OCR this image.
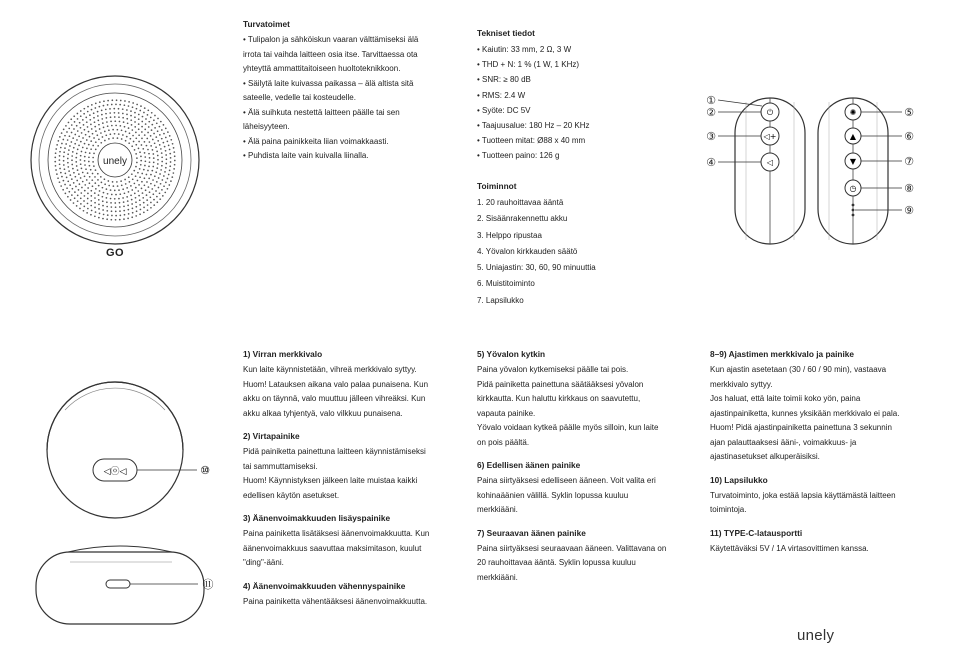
unely
GO
Turvatoimet

• Tulipalon ja sähköiskun vaaran välttämiseksi älä

irrota tai vaihda laitteen osia itse. Tarvittaessa ota

yhteyttä ammattitaitoiseen huoltoteknikkoon.

• Säilytä laite kuivassa paikassa – älä altista sitä

sateelle, vedelle tai kosteudelle.

• Älä suihkuta nestettä laitteen päälle tai sen

läheisyyteen.

• Älä paina painikkeita liian voimakkaasti.

• Puhdista laite vain kuivalla liinalla.

Tekniset tiedot
• Kaiutin: 33 mm, 2 Ω, 3 W
• THD + N: 1 % (1 W, 1 KHz)
• SNR: ≥ 80 dB
• RMS: 2.4 W
• Syöte: DC 5V
• Taajuusalue: 180 Hz – 20 KHz
• Tuotteen mitat: Ø88 x 40 mm
• Tuotteen paino: 126 g
Toiminnot
1. 20 rauhoittavaa ääntä
2. Sisäänrakennettu akku
3. Helppo ripustaa
4. Yövalon kirkkauden säätö
5. Uniajastin: 30, 60, 90 minuuttia
6. Muistitoiminto
7. Lapsilukko
⏻
◁+
◁
✺
▲
▼
◷
①
②
③
④
⑤
⑥
⑦
⑧
⑨
◁ⓞ◁	⑩
⑪
1) Virran merkkivalo

Kun laite käynnistetään, vihreä merkkivalo syttyy.

Huom! Latauksen aikana valo palaa punaisena. Kun

akku on täynnä, valo muuttuu jälleen vihreäksi. Kun

akku alkaa tyhjentyä, valo vilkkuu punaisena.

2) Virtapainike

Pidä painiketta painettuna laitteen käynnistämiseksi

tai sammuttamiseksi.

Huom! Käynnistyksen jälkeen laite muistaa kaikki

edellisen käytön asetukset.

3) Äänenvoimakkuuden lisäyspainike

Paina painiketta lisätäksesi äänenvoimakkuutta. Kun

äänenvoimakkuus saavuttaa maksimitason, kuulut

"ding"-ääni.

4) Äänenvoimakkuuden vähennyspainike

Paina painiketta vähentääksesi äänenvoimakkuutta.

5) Yövalon kytkin

Paina yövalon kytkemiseksi päälle tai pois.

Pidä painiketta painettuna säätääksesi yövalon

kirkkautta. Kun haluttu kirkkaus on saavutettu,

vapauta painike.

Yövalo voidaan kytkeä päälle myös silloin, kun laite

on pois päältä.

6) Edellisen äänen painike

Paina siirtyäksesi edelliseen ääneen. Voit valita eri

kohinaäänien välillä. Syklin lopussa kuuluu

merkkiääni.

7) Seuraavan äänen painike

Paina siirtyäksesi seuraavaan ääneen. Valittavana on

20 rauhoittavaa ääntä. Syklin lopussa kuuluu

merkkiääni.

8–9) Ajastimen merkkivalo ja painike

Kun ajastin asetetaan (30 / 60 / 90 min), vastaava

merkkivalo syttyy.

Jos haluat, että laite toimii koko yön, paina

ajastinpainiketta, kunnes yksikään merkkivalo ei pala.

Huom! Pidä ajastinpainiketta painettuna 3 sekunnin

ajan palauttaaksesi ääni-, voimakkuus- ja

ajastinasetukset alkuperäisiksi.

10) Lapsilukko

Turvatoiminto, joka estää lapsia käyttämästä laitteen

toimintoja.

11) TYPE-C-latausportti

Käytettäväksi 5V / 1A virtasovittimen kanssa.

unely
